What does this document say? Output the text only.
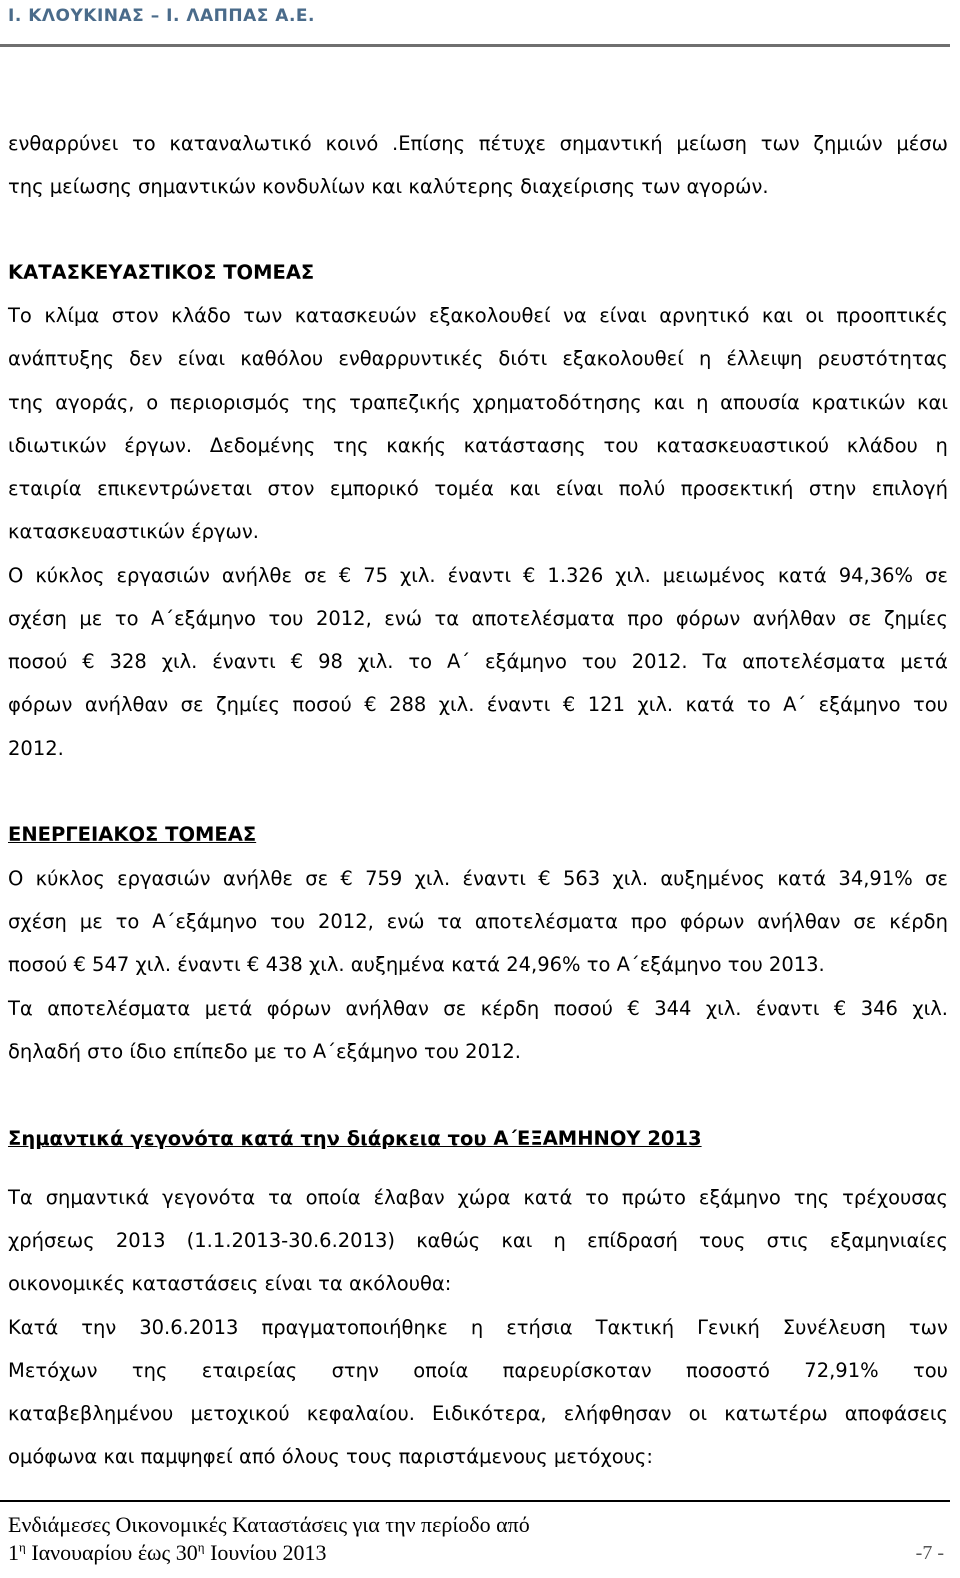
Ι. ΚΛΟΥΚΙΝΑΣ – Ι. ΛΑΠΠΑΣ Α.Ε.
ενθαρρύνει το καταναλωτικό κοινό .Επίσης πέτυχε σημαντική μείωση των ζημιών μέσω
της μείωσης σημαντικών κονδυλίων και καλύτερης διαχείρισης των αγορών.
ΚΑΤΑΣΚΕΥΑΣΤΙΚΟΣ ΤΟΜΕΑΣ
Το κλίμα στον κλάδο των κατασκευών εξακολουθεί να είναι αρνητικό και οι προοπτικές
ανάπτυξης δεν είναι καθόλου ενθαρρυντικές διότι εξακολουθεί η έλλειψη ρευστότητας
της αγοράς, ο περιορισμός της τραπεζικής χρηματοδότησης και η απουσία κρατικών και
ιδιωτικών έργων. Δεδομένης της κακής κατάστασης του κατασκευαστικού κλάδου η
εταιρία επικεντρώνεται στον εμπορικό τομέα και είναι πολύ προσεκτική στην επιλογή
κατασκευαστικών έργων.
Ο κύκλος εργασιών ανήλθε σε € 75 χιλ. έναντι € 1.326 χιλ. μειωμένος κατά 94,36% σε
σχέση με το Α΄εξάμηνο του 2012, ενώ τα αποτελέσματα προ φόρων ανήλθαν σε ζημίες
ποσού € 328 χιλ. έναντι € 98 χιλ. το Α΄ εξάμηνο του 2012. Τα αποτελέσματα μετά
φόρων ανήλθαν σε ζημίες ποσού € 288 χιλ. έναντι € 121 χιλ. κατά το Α΄ εξάμηνο του
2012.
ΕΝΕΡΓΕΙΑΚΟΣ ΤΟΜΕΑΣ
Ο κύκλος εργασιών ανήλθε σε € 759 χιλ. έναντι € 563 χιλ. αυξημένος κατά 34,91% σε
σχέση με το Α΄εξάμηνο του 2012, ενώ τα αποτελέσματα προ φόρων ανήλθαν σε κέρδη
ποσού € 547 χιλ. έναντι € 438 χιλ. αυξημένα κατά 24,96% το Α΄εξάμηνο του 2013.
Τα αποτελέσματα μετά φόρων ανήλθαν σε κέρδη ποσού € 344 χιλ. έναντι € 346 χιλ.
δηλαδή στο ίδιο επίπεδο με το Α΄εξάμηνο του 2012.
Σημαντικά γεγονότα κατά την διάρκεια του Α΄ΕΞΑΜΗΝΟΥ 2013
Τα σημαντικά γεγονότα τα οποία έλαβαν χώρα κατά το πρώτο εξάμηνο της τρέχουσας
χρήσεως 2013 (1.1.2013-30.6.2013) καθώς και η επίδρασή τους στις εξαμηνιαίες
οικονομικές καταστάσεις είναι τα ακόλουθα:
Κατά την 30.6.2013 πραγματοποιήθηκε η ετήσια Τακτική Γενική Συνέλευση των
Μετόχων της εταιρείας στην οποία παρευρίσκοταν ποσοστό 72,91% του
καταβεβλημένου μετοχικού κεφαλαίου. Ειδικότερα, ελήφθησαν οι κατωτέρω αποφάσεις
ομόφωνα και παμψηφεί από όλους τους παριστάμενους μετόχους:
Ενδιάμεσες Οικονομικές Καταστάσεις για την περίοδο από
$1^\eta$ Ιανουαρίου έως $30^\eta$ Ιουνίου 2013	-7 -
